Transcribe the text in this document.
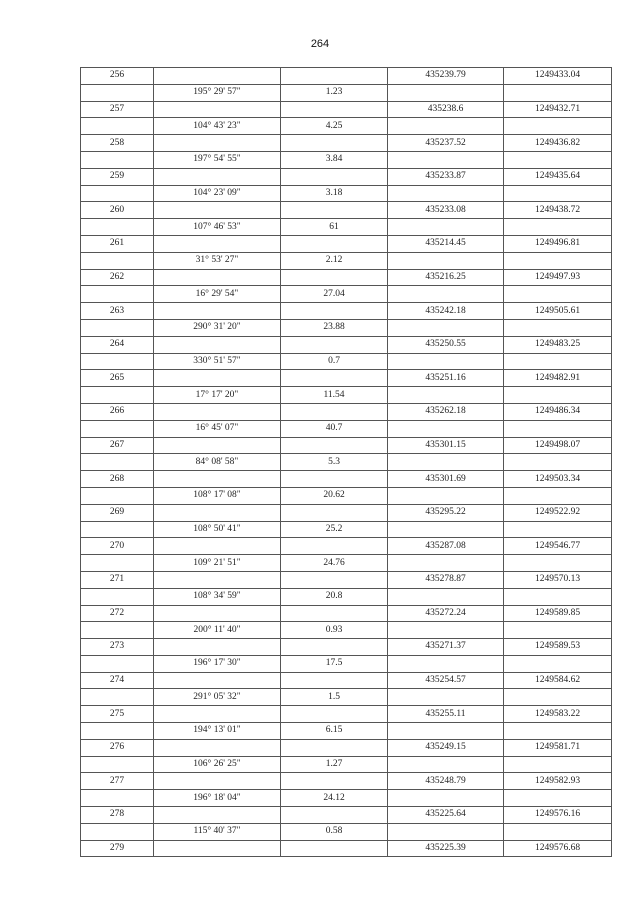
264
256			435239.79	1249433.04
	195° 29' 57"	1.23		
257			435238.6	1249432.71
	104° 43' 23"	4.25		
258			435237.52	1249436.82
	197° 54' 55"	3.84		
259			435233.87	1249435.64
	104° 23' 09"	3.18		
260			435233.08	1249438.72
	107° 46' 53"	61		
261			435214.45	1249496.81
	31° 53' 27"	2.12		
262			435216.25	1249497.93
	16° 29' 54"	27.04		
263			435242.18	1249505.61
	290° 31' 20"	23.88		
264			435250.55	1249483.25
	330° 51' 57"	0.7		
265			435251.16	1249482.91
	17° 17' 20"	11.54		
266			435262.18	1249486.34
	16° 45' 07"	40.7		
267			435301.15	1249498.07
	84° 08' 58"	5.3		
268			435301.69	1249503.34
	108° 17' 08"	20.62		
269			435295.22	1249522.92
	108° 50' 41"	25.2		
270			435287.08	1249546.77
	109° 21' 51"	24.76		
271			435278.87	1249570.13
	108° 34' 59"	20.8		
272			435272.24	1249589.85
	200° 11' 40"	0.93		
273			435271.37	1249589.53
	196° 17' 30"	17.5		
274			435254.57	1249584.62
	291° 05' 32"	1.5		
275			435255.11	1249583.22
	194° 13' 01"	6.15		
276			435249.15	1249581.71
	106° 26' 25"	1.27		
277			435248.79	1249582.93
	196° 18' 04"	24.12		
278			435225.64	1249576.16
	115° 40' 37"	0.58		
279			435225.39	1249576.68
